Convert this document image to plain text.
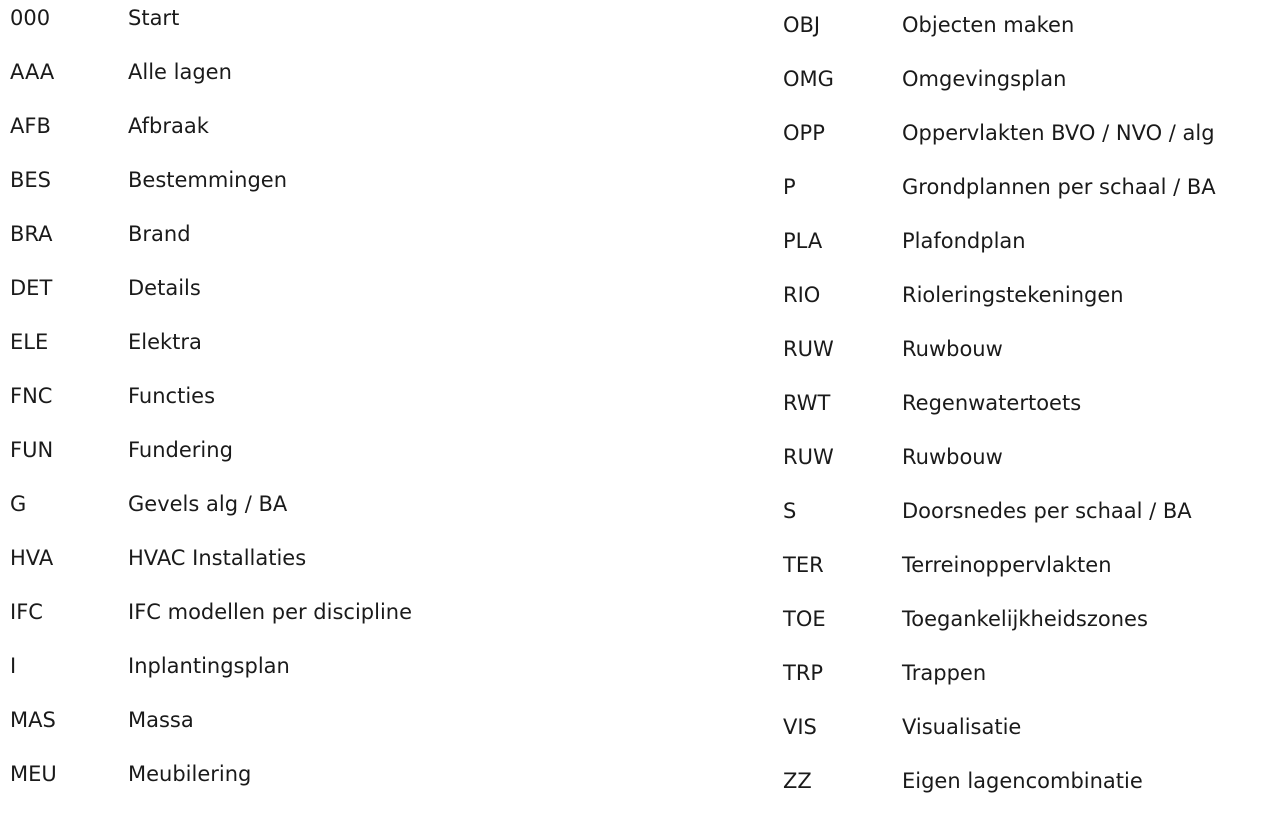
000	Start
AAA	Alle lagen
AFB	Afbraak
BES	Bestemmingen
BRA	Brand
DET	Details
ELE	Elektra
FNC	Functies
FUN	Fundering
G	Gevels alg / BA
HVA	HVAC Installaties
IFC	IFC modellen per discipline
I	Inplantingsplan
MAS	Massa
MEU	Meubilering
OBJ	Objecten maken
OMG	Omgevingsplan
OPP	Oppervlakten BVO / NVO / alg
P	Grondplannen per schaal / BA
PLA	Plafondplan
RIO	Rioleringstekeningen
RUW	Ruwbouw
RWT	Regenwatertoets
RUW	Ruwbouw
S	Doorsnedes per schaal / BA
TER	Terreinoppervlakten
TOE	Toegankelijkheidszones
TRP	Trappen
VIS	Visualisatie
ZZ	Eigen lagencombinatie
